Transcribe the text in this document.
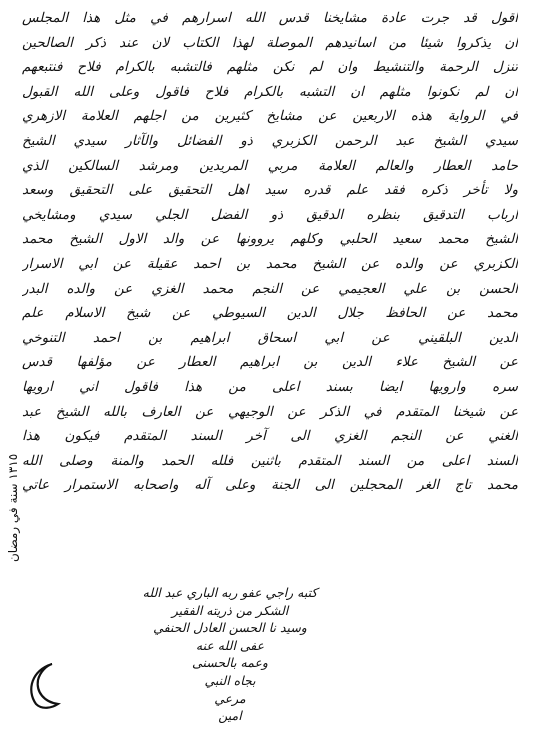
اقول قد جرت عادة مشايخنا قدس الله اسرارهم في مثل هذا المجلس
ان يذكروا شيئا من اسانيدهم الموصلة لهذا الكتاب لان عند ذكر الصالحين
تنزل الرحمة والتنشيط وان لم نكن مثلهم فالتشبه بالكرام فلاح فنتبعهم
ان لم نكونوا مثلهم ان التشبه بالكرام فلاح فاقول وعلى الله القبول
في الرواية هذه الاربعين عن مشايخ كثيرين من اجلهم العلامة الازهري
سيدي الشيخ عبد الرحمن الكزبري ذو الفضائل والآثار سيدي الشيخ
حامد العطار والعالم العلامة مربي المريدين ومرشد السالكين الذي
ولا تأخر ذكره فقد علم قدره سيد اهل التحقيق على التحقيق وسعد
ارباب التدقيق بنظره الدقيق ذو الفضل الجلي سيدي ومشايخي
الشيخ محمد سعيد الحلبي وكلهم يروونها عن والد الاول الشيخ محمد
الكزبري عن والده عن الشيخ محمد بن احمد عقيلة عن ابي الاسرار
الحسن بن علي العجيمي عن النجم محمد الغزي عن والده البدر
محمد عن الحافظ جلال الدين السيوطي عن شيخ الاسلام علم
الدين البلقيني عن ابي اسحاق ابراهيم بن احمد التنوخي
عن الشيخ علاء الدين بن ابراهيم العطار عن مؤلفها قدس
سره وارويها ايضا بسند اعلى من هذا فاقول اني ارويها
عن شيخنا المتقدم في الذكر عن الوجيهي عن العارف بالله الشيخ عبد
الغني عن النجم الغزي الى آخر السند المتقدم فيكون هذا
السند اعلى من السند المتقدم باثنين فلله الحمد والمنة وصلى الله
محمد تاج الغر المحجلين الى الجنة وعلى آله واصحابه الاستمرار عاتي
١٣١٥ سنة في رمضان
كتبه راجي عفو ربه الباري عبد الله
الشكر من ذريته الفقير
وسيد نا الحسن العادل الحنفي
عفى الله عنه
وعمه بالحسنى
بجاه النبي
مرعي
امين
